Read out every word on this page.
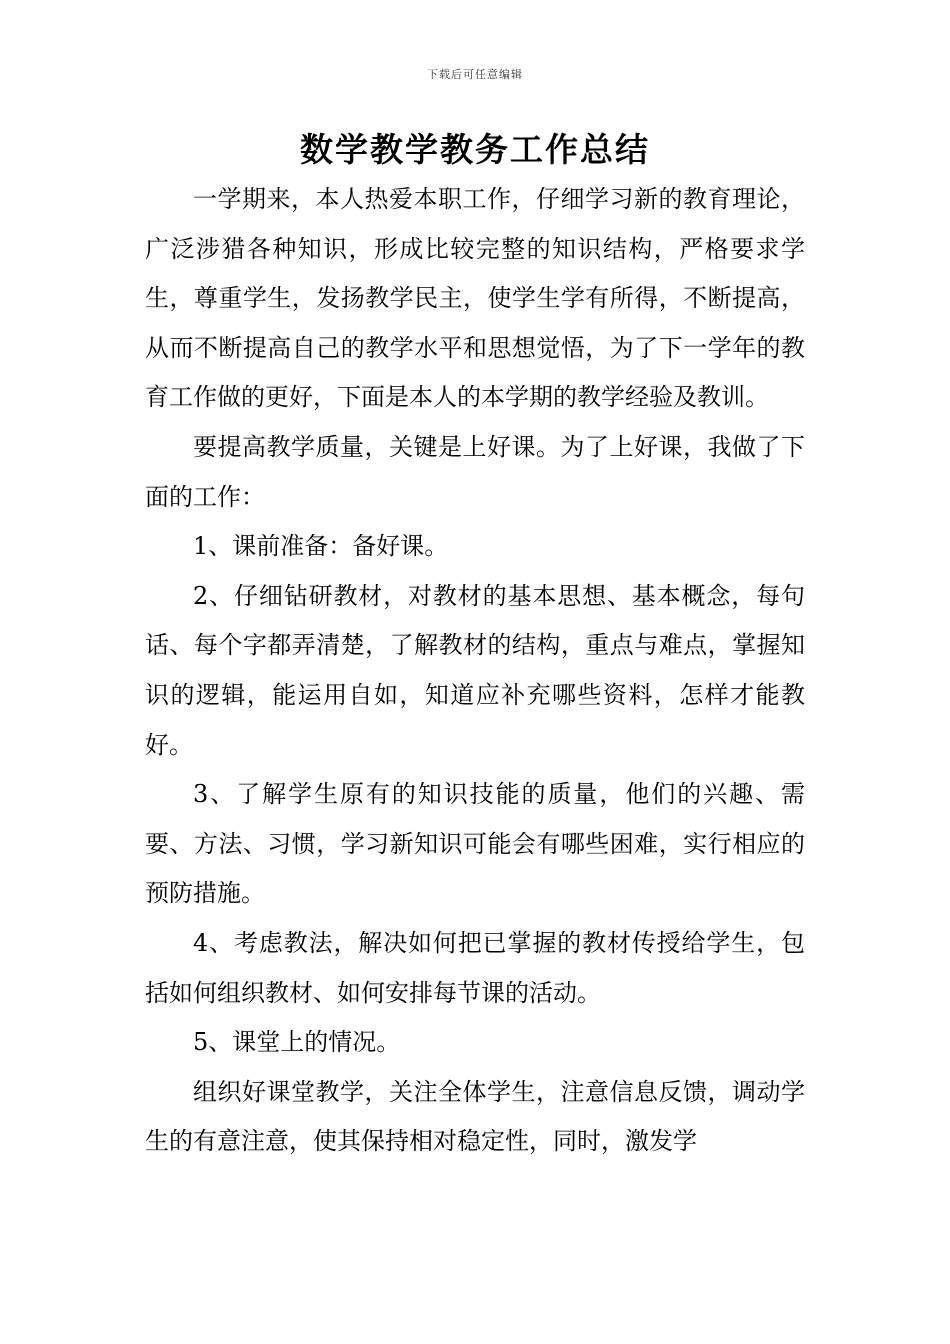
下载后可任意编辑
数学教学教务工作总结

一学期来，本人热爱本职工作，仔细学习新的教育理论，广泛涉猎各种知识，形成比较完整的知识结构，严格要求学生，尊重学生，发扬教学民主，使学生学有所得，不断提高，从而不断提高自己的教学水平和思想觉悟，为了下一学年的教育工作做的更好，下面是本人的本学期的教学经验及教训。

要提高教学质量，关键是上好课。为了上好课，我做了下面的工作：

1、课前准备：备好课。

2、仔细钻研教材，对教材的基本思想、基本概念，每句话、每个字都弄清楚，了解教材的结构，重点与难点，掌握知识的逻辑，能运用自如，知道应补充哪些资料，怎样才能教好。

3、了解学生原有的知识技能的质量，他们的兴趣、需要、方法、习惯，学习新知识可能会有哪些困难，实行相应的预防措施。

4、考虑教法，解决如何把已掌握的教材传授给学生，包括如何组织教材、如何安排每节课的活动。

5、课堂上的情况。

组织好课堂教学，关注全体学生，注意信息反馈，调动学生的有意注意，使其保持相对稳定性，同时，激发学
